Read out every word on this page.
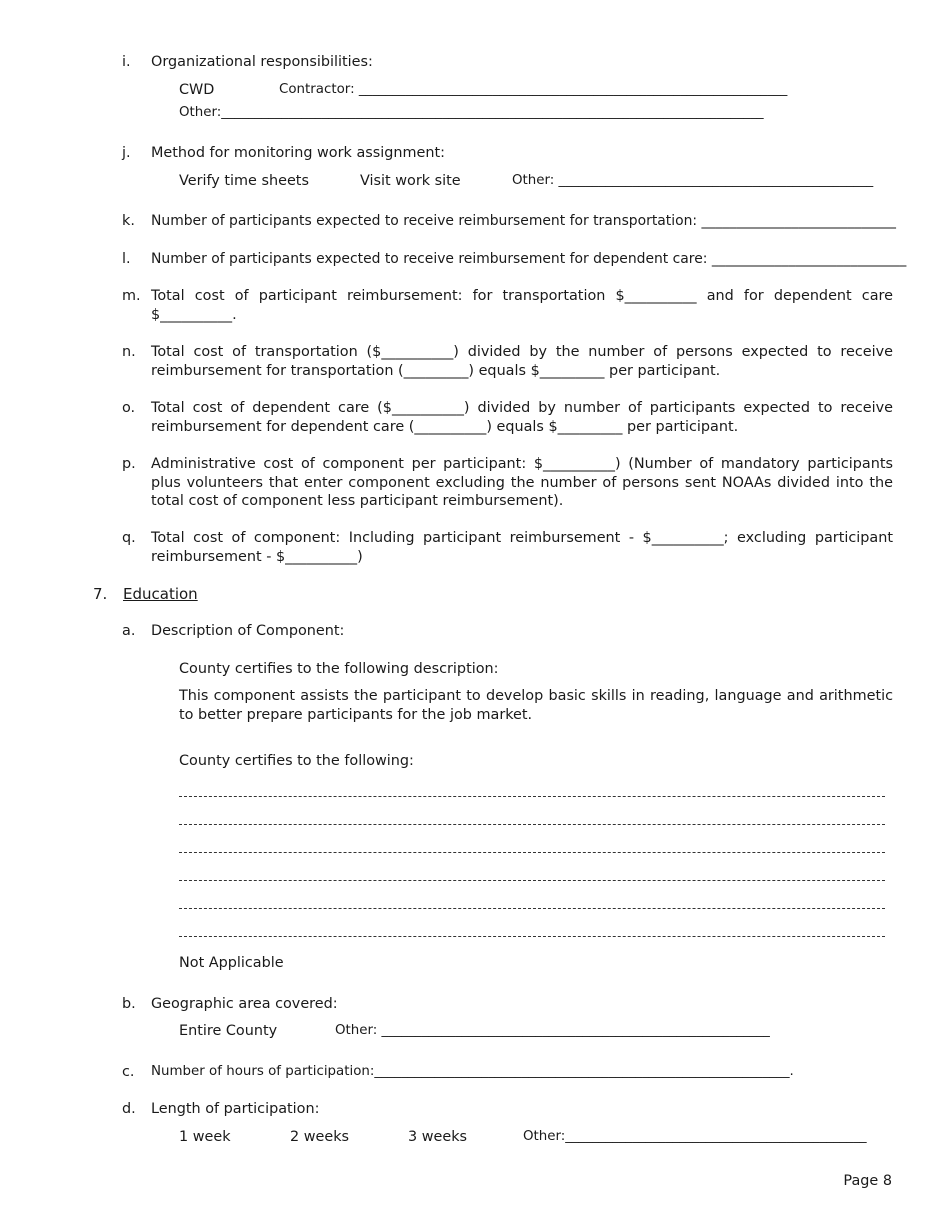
i. Organizational responsibilities:
CWD	Contractor: ________________________________________________________________
Other:_________________________________________________________________________________
j. Method for monitoring work assignment:
Verify time sheets	Visit work site	Other: _______________________________________________
k. Number of participants expected to receive reimbursement for transportation: ____________________________
l. Number of participants expected to receive reimbursement for dependent care: ____________________________
m. Total cost of participant reimbursement: for transportation $__________ and for dependent care $__________.
n. Total cost of transportation ($__________) divided by the number of persons expected to receive reimbursement for transportation (_________) equals $_________ per participant.
o. Total cost of dependent care ($__________) divided by number of participants expected to receive reimbursement for dependent care (__________) equals $_________ per participant.
p. Administrative cost of component per participant: $__________) (Number of mandatory participants plus volunteers that enter component excluding the number of persons sent NOAAs divided into the total cost of component less participant reimbursement).
q. Total cost of component: Including participant reimbursement - $__________; excluding participant reimbursement - $__________)
7. Education
a. Description of Component:
County certifies to the following description:
This component assists the participant to develop basic skills in reading, language and arithmetic to better prepare participants for the job market.
County certifies to the following:
Not Applicable
b. Geographic area covered:
Entire County	Other: __________________________________________________________
c. Number of hours of participation:______________________________________________________________.
d. Length of participation:
1 week	2 weeks	3 weeks	Other:_____________________________________________
Page 8
